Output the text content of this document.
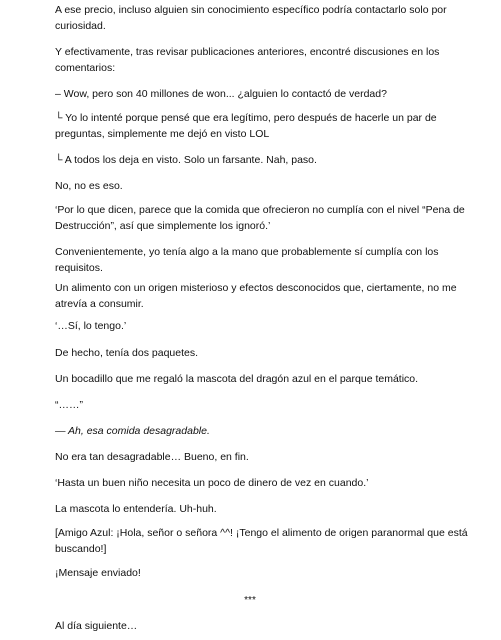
A ese precio, incluso alguien sin conocimiento específico podría contactarlo solo por curiosidad.

Y efectivamente, tras revisar publicaciones anteriores, encontré discusiones en los comentarios:

– Wow, pero son 40 millones de won... ¿alguien lo contactó de verdad?

└ Yo lo intenté porque pensé que era legítimo, pero después de hacerle un par de preguntas, simplemente me dejó en visto LOL

└ A todos los deja en visto. Solo un farsante. Nah, paso.

No, no es eso.

‘Por lo que dicen, parece que la comida que ofrecieron no cumplía con el nivel “Pena de Destrucción”, así que simplemente los ignoró.’

Convenientemente, yo tenía algo a la mano que probablemente sí cumplía con los requisitos.

Un alimento con un origen misterioso y efectos desconocidos que, ciertamente, no me atrevía a consumir.

‘…Sí, lo tengo.’

De hecho, tenía dos paquetes.

Un bocadillo que me regaló la mascota del dragón azul en el parque temático.

“……”

— Ah, esa comida desagradable.

No era tan desagradable… Bueno, en fin.

‘Hasta un buen niño necesita un poco de dinero de vez en cuando.’

La mascota lo entendería. Uh-huh.

[Amigo Azul: ¡Hola, señor o señora ^^! ¡Tengo el alimento de origen paranormal que está buscando!]

¡Mensaje enviado!

***

Al día siguiente…
